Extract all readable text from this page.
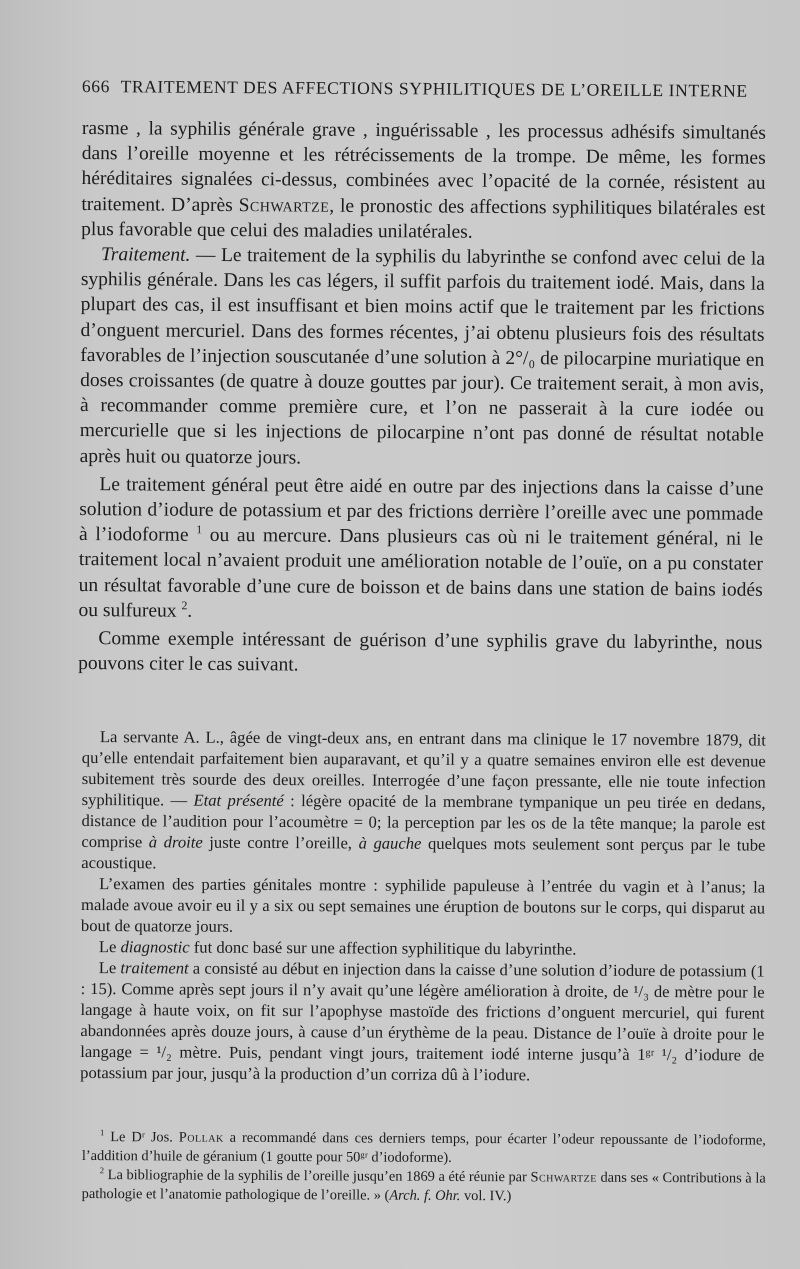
666 TRAITEMENT DES AFFECTIONS SYPHILITIQUES DE L’OREILLE INTERNE

rasme , la syphilis générale grave , inguérissable , les processus adhésifs simultanés dans l’oreille moyenne et les rétrécissements de la trompe. De même, les formes héréditaires signalées ci-dessus, combinées avec l’opacité de la cornée, résistent au traitement. D’après Schwartze, le pronostic des affections syphilitiques bilatérales est plus favorable que celui des maladies unilatérales.

Traitement. — Le traitement de la syphilis du labyrinthe se confond avec celui de la syphilis générale. Dans les cas légers, il suffit parfois du traitement iodé. Mais, dans la plupart des cas, il est insuffisant et bien moins actif que le traitement par les frictions d’onguent mercuriel. Dans des formes récentes, j’ai obtenu plusieurs fois des résultats favorables de l’injection souscutanée d’une solution à 2°/₀ de pilocarpine muriatique en doses croissantes (de quatre à douze gouttes par jour). Ce traitement serait, à mon avis, à recommander comme première cure, et l’on ne passerait à la cure iodée ou mercurielle que si les injections de pilocarpine n’ont pas donné de résultat notable après huit ou quatorze jours.

Le traitement général peut être aidé en outre par des injections dans la caisse d’une solution d’iodure de potassium et par des frictions derrière l’oreille avec une pommade à l’iodoforme $^1$ ou au mercure. Dans plusieurs cas où ni le traitement général, ni le traitement local n’avaient produit une amélioration notable de l’ouïe, on a pu constater un résultat favorable d’une cure de boisson et de bains dans une station de bains iodés ou sulfureux $^2$.

Comme exemple intéressant de guérison d’une syphilis grave du labyrinthe, nous pouvons citer le cas suivant.

La servante A. L., âgée de vingt-deux ans, en entrant dans ma clinique le 17 novembre 1879, dit qu’elle entendait parfaitement bien auparavant, et qu’il y a quatre semaines environ elle est devenue subitement très sourde des deux oreilles. Interrogée d’une façon pressante, elle nie toute infection syphilitique. — Etat présenté : légère opacité de la membrane tympanique un peu tirée en dedans, distance de l’audition pour l’acoumètre = 0; la perception par les os de la tête manque; la parole est comprise à droite juste contre l’oreille, à gauche quelques mots seulement sont perçus par le tube acoustique.

L’examen des parties génitales montre : syphilide papuleuse à l’entrée du vagin et à l’anus; la malade avoue avoir eu il y a six ou sept semaines une éruption de boutons sur le corps, qui disparut au bout de quatorze jours.

Le diagnostic fut donc basé sur une affection syphilitique du labyrinthe.

Le traitement a consisté au début en injection dans la caisse d’une solution d’iodure de potassium (1 : 15). Comme après sept jours il n’y avait qu’une légère amélioration à droite, de ¹/₃ de mètre pour le langage à haute voix, on fit sur l’apophyse mastoïde des frictions d’onguent mercuriel, qui furent abandonnées après douze jours, à cause d’un érythème de la peau. Distance de l’ouïe à droite pour le langage = ¹/₂ mètre. Puis, pendant vingt jours, traitement iodé interne jusqu’à 1ᵍʳ ¹/₂ d’iodure de potassium par jour, jusqu’à la production d’un corriza dû à l’iodure.

$^1$ Le Dʳ Jos. Pollak a recommandé dans ces derniers temps, pour écarter l’odeur repoussante de l’iodoforme, l’addition d’huile de géranium (1 goutte pour 50ᵍʳ d’iodoforme).

$^2$ La bibliographie de la syphilis de l’oreille jusqu’en 1869 a été réunie par Schwartze dans ses « Contributions à la pathologie et l’anatomie pathologique de l’oreille. » (Arch. f. Ohr. vol. IV.)
